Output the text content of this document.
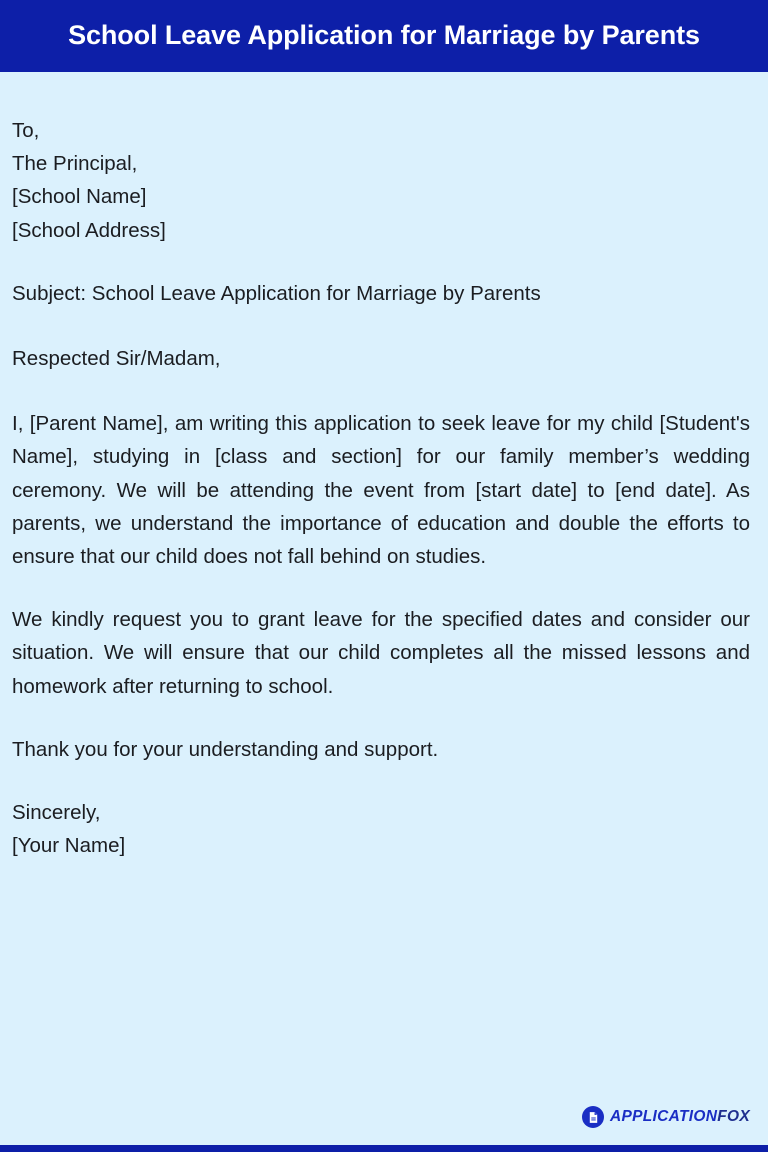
School Leave Application for Marriage by Parents
To,
The Principal,
[School Name]
[School Address]
Subject: School Leave Application for Marriage by Parents
Respected Sir/Madam,
I, [Parent Name], am writing this application to seek leave for my child [Student's Name], studying in [class and section] for our family member’s wedding ceremony. We will be attending the event from [start date] to [end date]. As parents, we understand the importance of education and double the efforts to ensure that our child does not fall behind on studies.
We kindly request you to grant leave for the specified dates and consider our situation. We will ensure that our child completes all the missed lessons and homework after returning to school.
Thank you for your understanding and support.
Sincerely,
[Your Name]
APPLICATIONFOX
